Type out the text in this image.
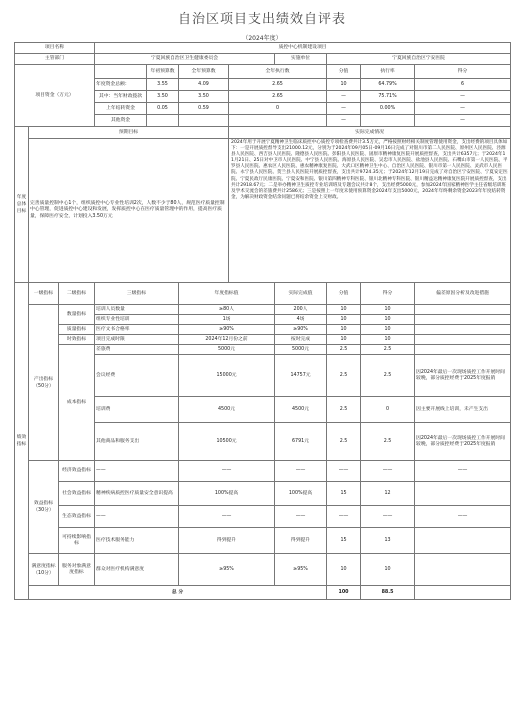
自治区项目支出绩效自评表
（2024年度）
项目名称			质控中心机制建设项目							
主管部门			宁夏回族自治区卫生健康委员会				实施单位	宁夏回族自治区宁安医院		
项目资金（万元）				年初预算数	全年预算数	全年执行数		分值	执行率	得分
			年度资金总额：	3.55	4.09	2.65		10	64.79%	6
			其中：当年财政拨款	3.50	3.50	2.65		—	75.71%	—
			上年结转资金	0.05	0.59	0		—	0.00%	—
			其他资金					—		—
年度总体目标	预期目标					实际完成情况				
	完善质量控制中心1个，组织质控中心专业性培训2次，人数不少于80人，规范医疗质量控制中心管理，促进质控中心建设和发展，发挥质控中心在医疗质量管理中的作用，提高医疗质量，保障医疗安全，计划投入3.50万元					2024年用于开展宁夏精神卫生临床质控中心质控专项检查费共计3.5万元，严格按照财经相关制度管理使用资金，支出经费的项目具体如下：一是开展质控督导支出21000.12元，分别为于2024年09月05日-09月16日完成了对银川市第二人民医院、原州区人民医院、泾源县人民医院、西吉县人民医院、隆德县人民医院、彭阳县人民医院、固原市精神康复医院开展质控督查，支出共计6357元；于2024年11月21日、25日对中卫市人民医院、中宁县人民医院、海原县人民医院、吴忠市人民医院、盐池县人民医院、石嘴山市第一人民医院、平罗县人民医院、惠农区人民医院、惠农精神康复医院、大武口区精神卫生中心、自治区人民医院、银川市第一人民医院、灵武市人民医院、永宁县人民医院、贺兰县人民医院开展质控督查，支出共计9724.35元；于2024年12月19日完成了对自治区宁安医院、宁夏安定医院、宁夏民政厅民康医院、宁夏安和医院、银川第四精神专科医院、银川北精神专科医院、银川精益达精神康复医院开展质控督查，支出共计2918.67元；二是举办精神卫生质控专业培训班及专题会议共计8个，支出经费5000元，参加2024年国家精神医学主任省级培训班及学术交流会的差旅费共计2586元；三是按照上一年度未使用预算资金2024年支出5000元，2024年年终剩余资金2023年年度结转资金，为解决财政资金结余问题已将结余资金上交财政。				
绩效指标	一级指标	二级指标	三级指标		年度指标值		实际完成值	分值	得分	偏差原因分析及改进措施
	产出指标（50分）	数量指标	培训人员数量		≥80人		200人	10	10	
			组织专业性培训		1场		4场	10	10	
		质量指标	医疗文书合格率		≥90%		≥90%	10	10	
		时效指标	项目完成时限		2024年12月份之前		按时完成	10	10	
		成本指标	差旅费		5000元		5000元	2.5	2.5	
			会议经费		15000元		14757元	2.5	2.5	因2024年最后一次现场质控工作开展时间较晚，部分质控经费于2025年度报销
			培训费		4500元		4500元	2.5	0	因主要开展线上培训，未产生支出
			其他商品和服务支出		10500元		6791元	2.5	2.5	因2024年最后一次现场质控工作开展时间较晚，部分质控经费于2025年度报销
	效益指标（30分）	经济效益指标	——		——		——	——	——	——
		社会效益指标	精神疾病质控医疗质量安全意识提高		100%提高		100%提高	15	12	
		生态效益指标	——		——		——	——	——	——
		可持续影响指标	医疗技术服务能力		得到提升		得到提升	15	13	
	满意度指标（10分）	服务对象满意度指标	群众对医疗机构满意度		≥95%		≥95%	10	10	
	总 分							100	88.5	
